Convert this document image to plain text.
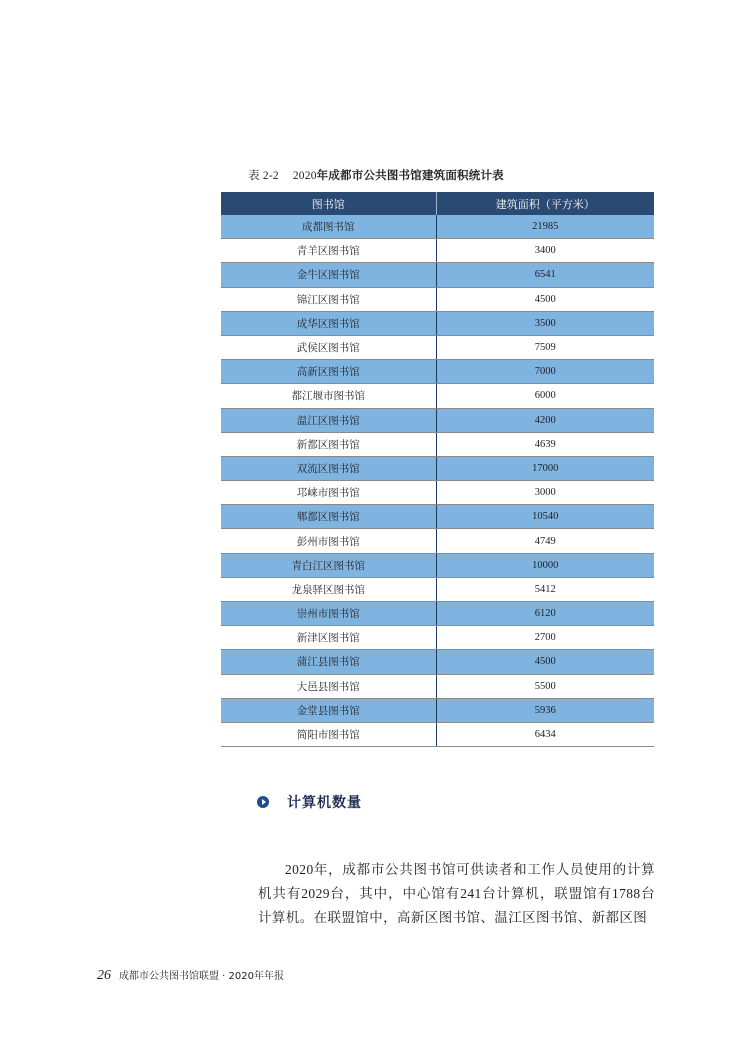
表 2-2 2020年成都市公共图书馆建筑面积统计表
图书馆	建筑面积（平方米）
成都图书馆	21985
青羊区图书馆	3400
金牛区图书馆	6541
锦江区图书馆	4500
成华区图书馆	3500
武侯区图书馆	7509
高新区图书馆	7000
都江堰市图书馆	6000
温江区图书馆	4200
新都区图书馆	4639
双流区图书馆	17000
邛崃市图书馆	3000
郫都区图书馆	10540
彭州市图书馆	4749
青白江区图书馆	10000
龙泉驿区图书馆	5412
崇州市图书馆	6120
新津区图书馆	2700
蒲江县图书馆	4500
大邑县图书馆	5500
金堂县图书馆	5936
简阳市图书馆	6434
计算机数量
2020年，成都市公共图书馆可供读者和工作人员使用的计算机共有2029台，其中，中心馆有241台计算机，联盟馆有1788台计算机。在联盟馆中，高新区图书馆、温江区图书馆、新都区图
26 成都市公共图书馆联盟 · 2020年年报
